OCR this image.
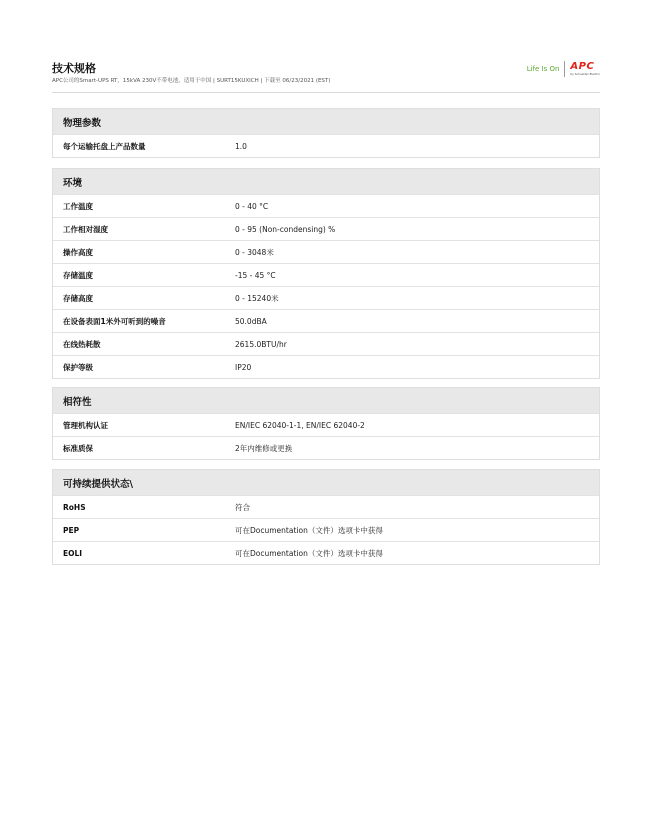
技术规格
APC公司的Smart-UPS RT，15kVA 230V不带电池，适用于中国 | SURT15KUXICH | 下载至 06/23/2021 (EST)
Life Is On APC
by Schneider Electric
物理参数
每个运输托盘上产品数量	1.0
环境
工作温度	0 - 40 °C
工作相对湿度	0 - 95 (Non-condensing) %
操作高度	0 - 3048米
存储温度	-15 - 45 °C
存储高度	0 - 15240米
在设备表面1米外可听到的噪音	50.0dBA
在线热耗散	2615.0BTU/hr
保护等级	IP20
相符性
管理机构认证	EN/IEC 62040-1-1, EN/IEC 62040-2
标准质保	2年内维修或更换
可持续提供状态\
RoHS	符合
PEP	可在Documentation（文件）选项卡中获得
EOLI	可在Documentation（文件）选项卡中获得
